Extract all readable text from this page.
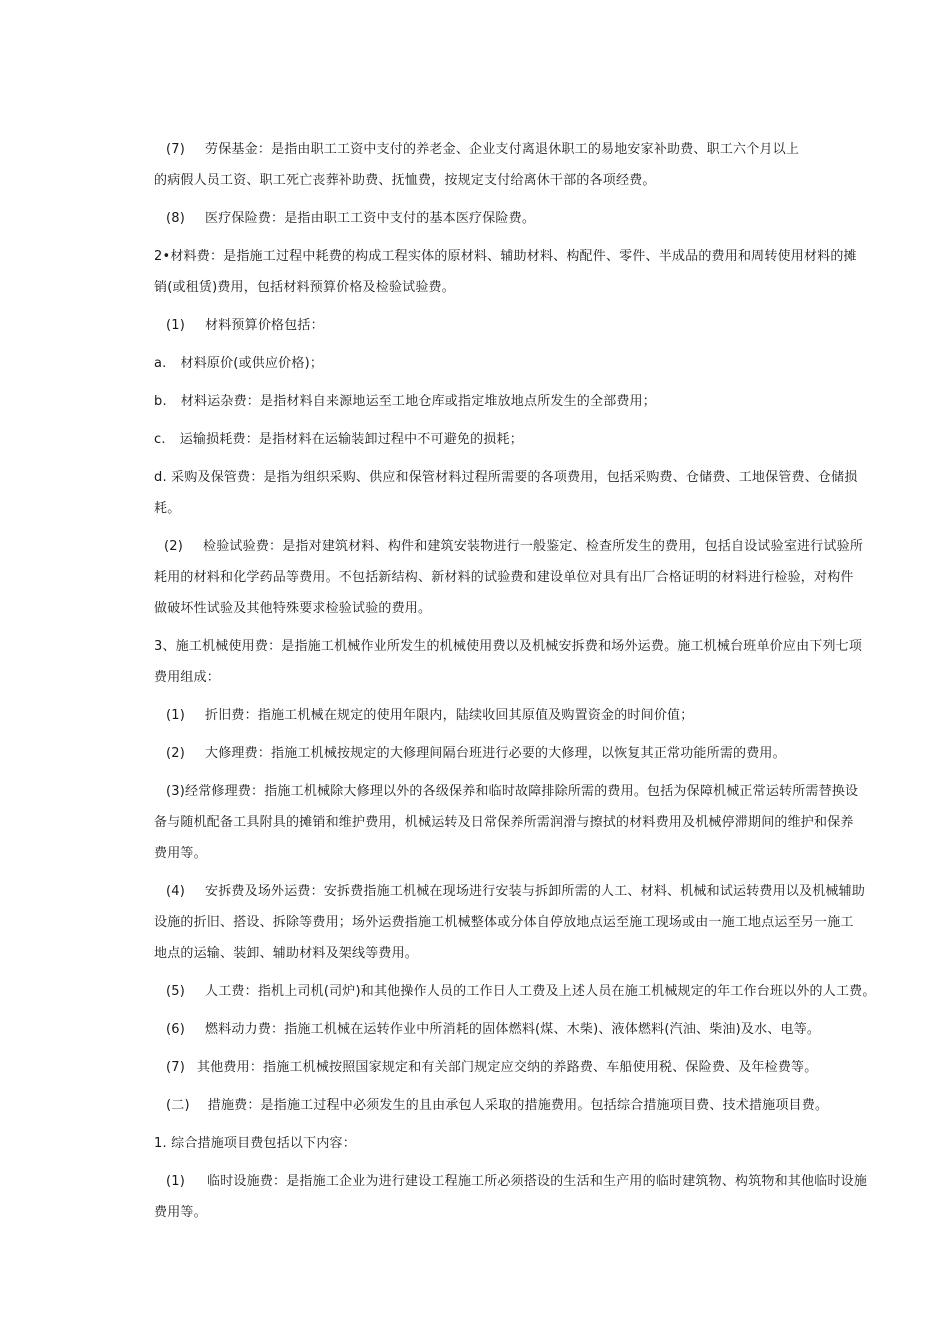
(7) 劳保基金：是指由职工工资中支付的养老金、企业支付离退休职工的易地安家补助费、职工六个月以上
的病假人员工资、职工死亡丧葬补助费、抚恤费，按规定支付给离休干部的各项经费。
(8) 医疗保险费：是指由职工工资中支付的基本医疗保险费。
2•材料费：是指施工过程中耗费的构成工程实体的原材料、辅助材料、构配件、零件、半成品的费用和周转使用材料的摊
销(或租赁)费用，包括材料预算价格及检验试验费。
(1) 材料预算价格包括：
a. 材料原价(或供应价格)；
b. 材料运杂费：是指材料自来源地运至工地仓库或指定堆放地点所发生的全部费用；
c. 运输损耗费：是指材料在运输装卸过程中不可避免的损耗；
d. 采购及保管费：是指为组织采购、供应和保管材料过程所需要的各项费用，包括采购费、仓储费、工地保管费、仓储损
耗。
(2) 检验试验费：是指对建筑材料、构件和建筑安装物进行一般鉴定、检查所发生的费用，包括自设试验室进行试验所
耗用的材料和化学药品等费用。不包括新结构、新材料的试验费和建设单位对具有出厂合格证明的材料进行检验，对构件
做破坏性试验及其他特殊要求检验试验的费用。
3、施工机械使用费：是指施工机械作业所发生的机械使用费以及机械安拆费和场外运费。施工机械台班单价应由下列七项
费用组成：
(1) 折旧费：指施工机械在规定的使用年限内，陆续收回其原值及购置资金的时间价值；
(2) 大修理费：指施工机械按规定的大修理间隔台班进行必要的大修理，以恢复其正常功能所需的费用。
(3)经常修理费：指施工机械除大修理以外的各级保养和临时故障排除所需的费用。包括为保障机械正常运转所需替换设
备与随机配备工具附具的摊销和维护费用，机械运转及日常保养所需润滑与擦拭的材料费用及机械停滞期间的维护和保养
费用等。
(4) 安拆费及场外运费：安拆费指施工机械在现场进行安装与拆卸所需的人工、材料、机械和试运转费用以及机械辅助
设施的折旧、搭设、拆除等费用；场外运费指施工机械整体或分体自停放地点运至施工现场或由一施工地点运至另一施工
地点的运输、装卸、辅助材料及架线等费用。
(5) 人工费：指机上司机(司炉)和其他操作人员的工作日人工费及上述人员在施工机械规定的年工作台班以外的人工费。
(6) 燃料动力费：指施工机械在运转作业中所消耗的固体燃料(煤、木柴)、液体燃料(汽油、柴油)及水、电等。
(7) 其他费用：指施工机械按照国家规定和有关部门规定应交纳的养路费、车船使用税、保险费、及年检费等。
(二) 措施费：是指施工过程中必须发生的且由承包人采取的措施费用。包括综合措施项目费、技术措施项目费。
1. 综合措施项目费包括以下内容：
(1) 临时设施费：是指施工企业为进行建设工程施工所必须搭设的生活和生产用的临时建筑物、构筑物和其他临时设施
费用等。
